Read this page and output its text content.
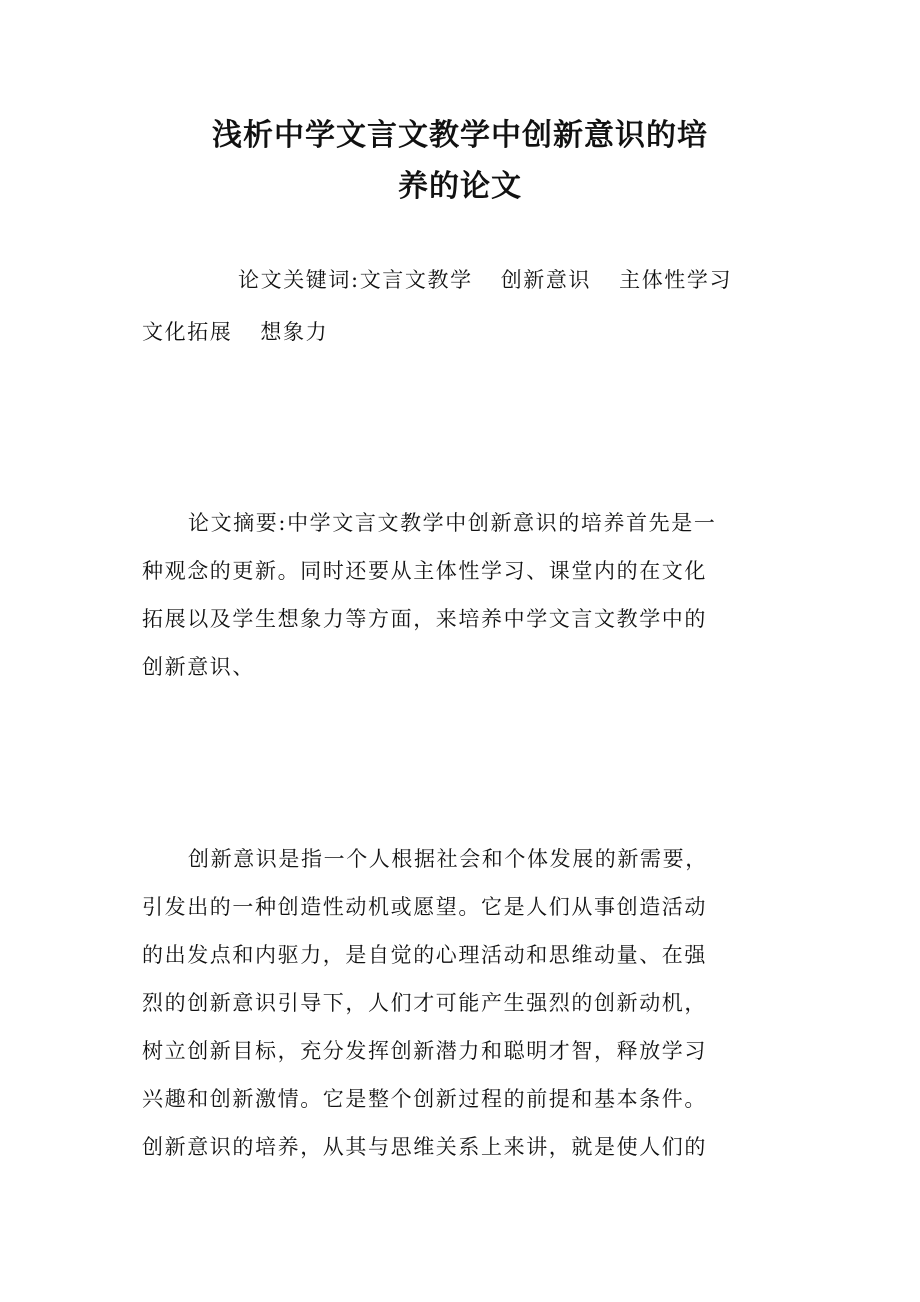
浅析中学文言文教学中创新意识的培
养的论文
论文关键词:文言文教学 创新意识 主体性学习
文化拓展 想象力
论文摘要:中学文言文教学中创新意识的培养首先是一
种观念的更新。同时还要从主体性学习、课堂内的在文化
拓展以及学生想象力等方面，来培养中学文言文教学中的
创新意识、
创新意识是指一个人根据社会和个体发展的新需要，
引发出的一种创造性动机或愿望。它是人们从事创造活动
的出发点和内驱力，是自觉的心理活动和思维动量、在强
烈的创新意识引导下，人们才可能产生强烈的创新动机，
树立创新目标，充分发挥创新潜力和聪明才智，释放学习
兴趣和创新激情。它是整个创新过程的前提和基本条件。
创新意识的培养，从其与思维关系上来讲，就是使人们的
